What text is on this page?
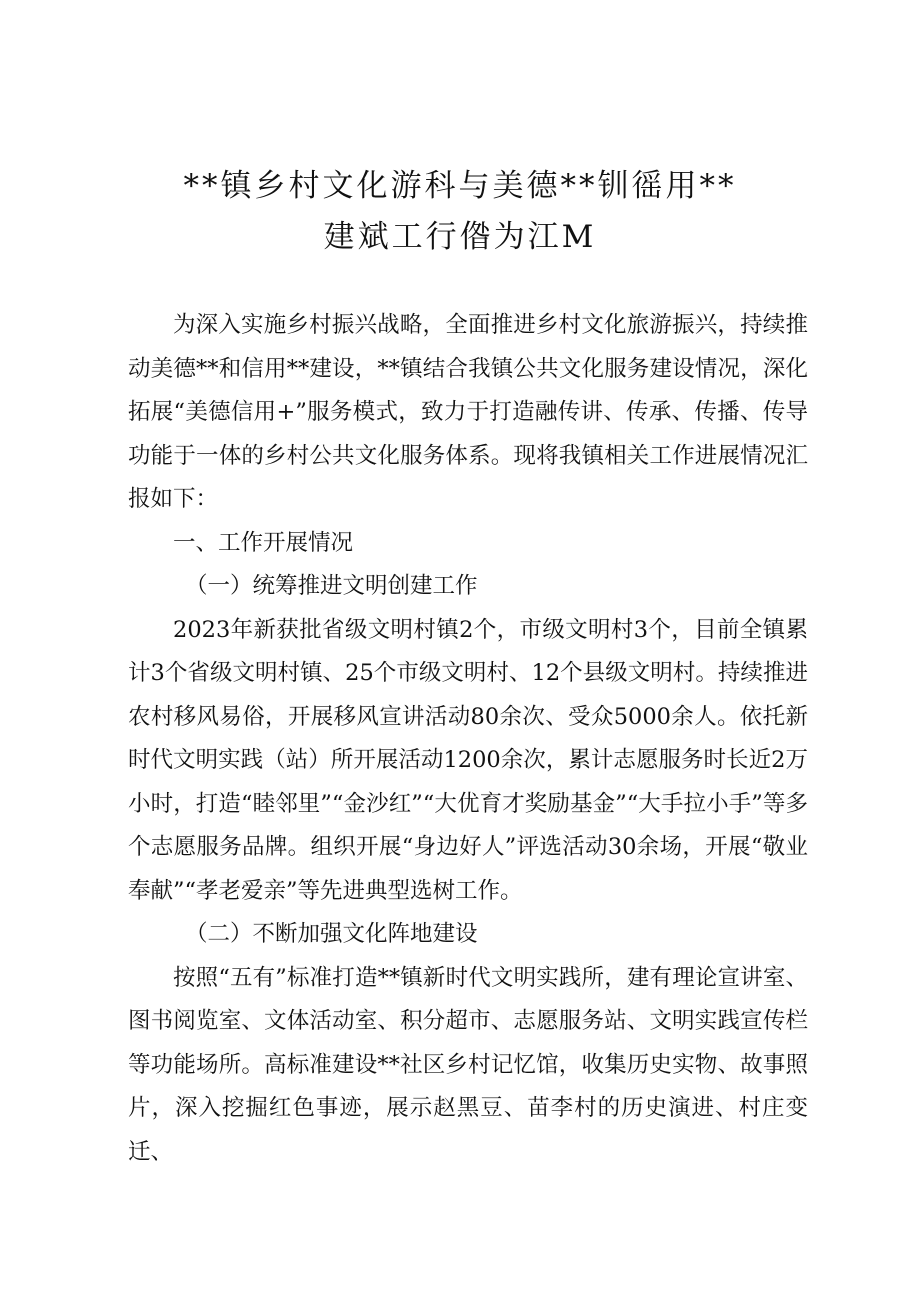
**镇乡村文化游科与美德**钏徭用**
建斌工行偺为江M

为深入实施乡村振兴战略，全面推进乡村文化旅游振兴，持续推动美德**和信用**建设，**镇结合我镇公共文化服务建设情况，深化拓展“美德信用+”服务模式，致力于打造融传讲、传承、传播、传导功能于一体的乡村公共文化服务体系。现将我镇相关工作进展情况汇报如下：

一、工作开展情况

（一）统筹推进文明创建工作

2023年新获批省级文明村镇2个，市级文明村3个，目前全镇累计3个省级文明村镇、25个市级文明村、12个县级文明村。持续推进农村移风易俗，开展移风宣讲活动80余次、受众5000余人。依托新时代文明实践（站）所开展活动1200余次，累计志愿服务时长近2万小时，打造“睦邻里”“金沙红”“大优育才奖励基金”“大手拉小手”等多个志愿服务品牌。组织开展“身边好人”评选活动30余场，开展“敬业奉献”“孝老爱亲”等先进典型选树工作。

（二）不断加强文化阵地建设

按照“五有”标准打造**镇新时代文明实践所，建有理论宣讲室、图书阅览室、文体活动室、积分超市、志愿服务站、文明实践宣传栏等功能场所。高标准建设**社区乡村记忆馆，收集历史实物、故事照片，深入挖掘红色事迹，展示赵黑豆、苗李村的历史演进、村庄变迁、
